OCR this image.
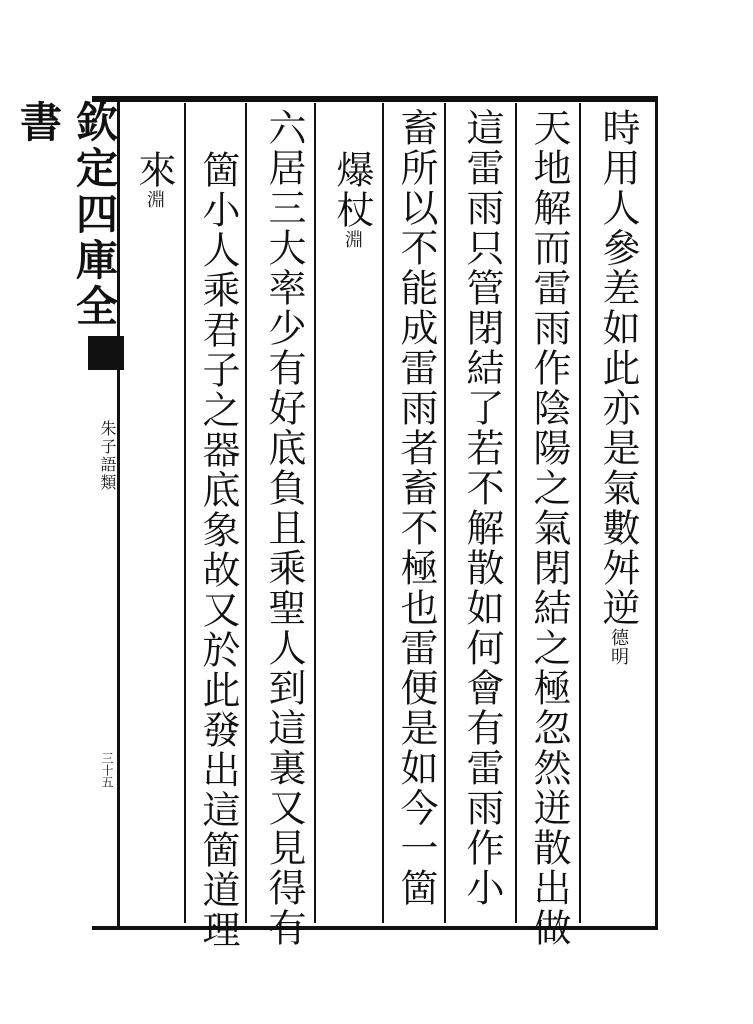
欽定四庫全書
朱子語類
三十五
時用人參差如此亦是氣數舛逆德明
天地解而雷雨作陰陽之氣閉結之極忽然迸散出做
這雷雨只管閉結了若不解散如何會有雷雨作小
畜所以不能成雷雨者畜不極也雷便是如今一箇
爆杖淵
六居三大率少有好底負且乘聖人到這裏又見得有
箇小人乘君子之器底象故又於此發出這箇道理
來淵
